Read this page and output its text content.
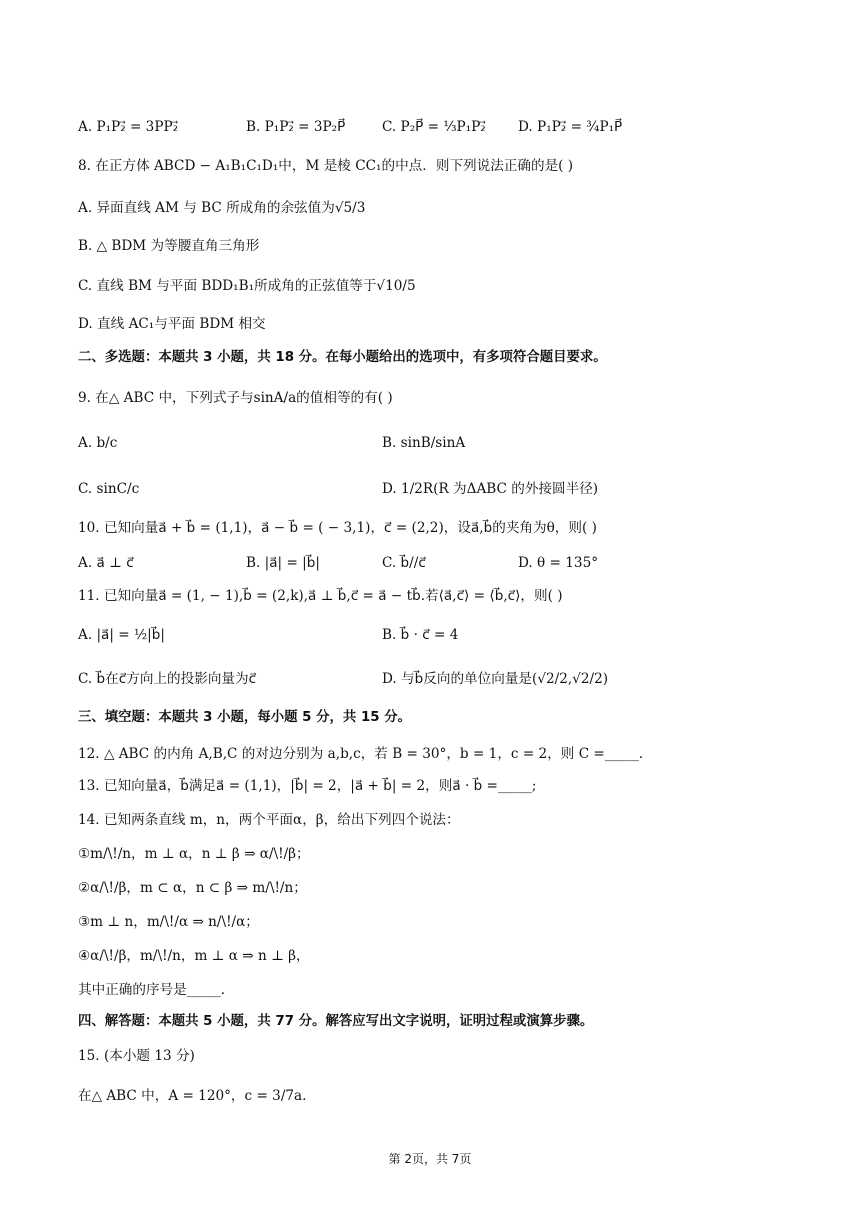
A. P₁P₂⃗ = 3PP₂⃗	B. P₁P₂⃗ = 3P₂P⃗	C. P₂P⃗ = ⅓P₁P₂⃗ D. P₁P₂⃗ = ¾P₁P⃗
8. 在正方体 ABCD − A₁B₁C₁D₁中，M 是棱 CC₁的中点．则下列说法正确的是( )
A. 异面直线 AM 与 BC 所成角的余弦值为√5/3
B. △ BDM 为等腰直角三角形
C. 直线 BM 与平面 BDD₁B₁所成角的正弦值等于√10/5
D. 直线 AC₁与平面 BDM 相交
二、多选题：本题共 3 小题，共 18 分。在每小题给出的选项中，有多项符合题目要求。
9. 在△ ABC 中，下列式子与sinA/a的值相等的有( )
A. b/c	B. sinB/sinA
C. sinC/c	D. 1/2R(R 为ΔABC 的外接圆半径)
10. 已知向量a⃗ + b⃗ = (1,1)，a⃗ − b⃗ = ( − 3,1)，c⃗ = (2,2)，设a⃗,b⃗的夹角为θ，则( )
A. a⃗ ⊥ c⃗	B. |a⃗| = |b⃗|	C. b⃗//c⃗	D. θ = 135°
11. 已知向量a⃗ = (1, − 1),b⃗ = (2,k),a⃗ ⊥ b⃗,c⃗ = a⃗ − tb⃗.若⟨a⃗,c⃗⟩ = ⟨b⃗,c⃗⟩，则( )
A. |a⃗| = ½|b⃗|	B. b⃗ · c⃗ = 4
C. b⃗在c⃗方向上的投影向量为c⃗	D. 与b⃗反向的单位向量是(√2/2,√2/2)
三、填空题：本题共 3 小题，每小题 5 分，共 15 分。
12. △ ABC 的内角 A,B,C 的对边分别为 a,b,c，若 B = 30°，b = 1，c = 2，则 C =_____.
13. 已知向量a⃗，b⃗满足a⃗ = (1,1)，|b⃗| = 2，|a⃗ + b⃗| = 2，则a⃗ · b⃗ =_____;
14. 已知两条直线 m，n，两个平面α，β，给出下列四个说法：
①m/\!/n，m ⊥ α，n ⊥ β ⇒ α/\!/β；
②α/\!/β，m ⊂ α，n ⊂ β ⇒ m/\!/n；
③m ⊥ n，m/\!/α ⇒ n/\!/α；
④α/\!/β，m/\!/n，m ⊥ α ⇒ n ⊥ β，
其中正确的序号是_____.
四、解答题：本题共 5 小题，共 77 分。解答应写出文字说明，证明过程或演算步骤。
15. (本小题 13 分)
在△ ABC 中，A = 120°，c = 3/7a.
第 2页，共 7页
